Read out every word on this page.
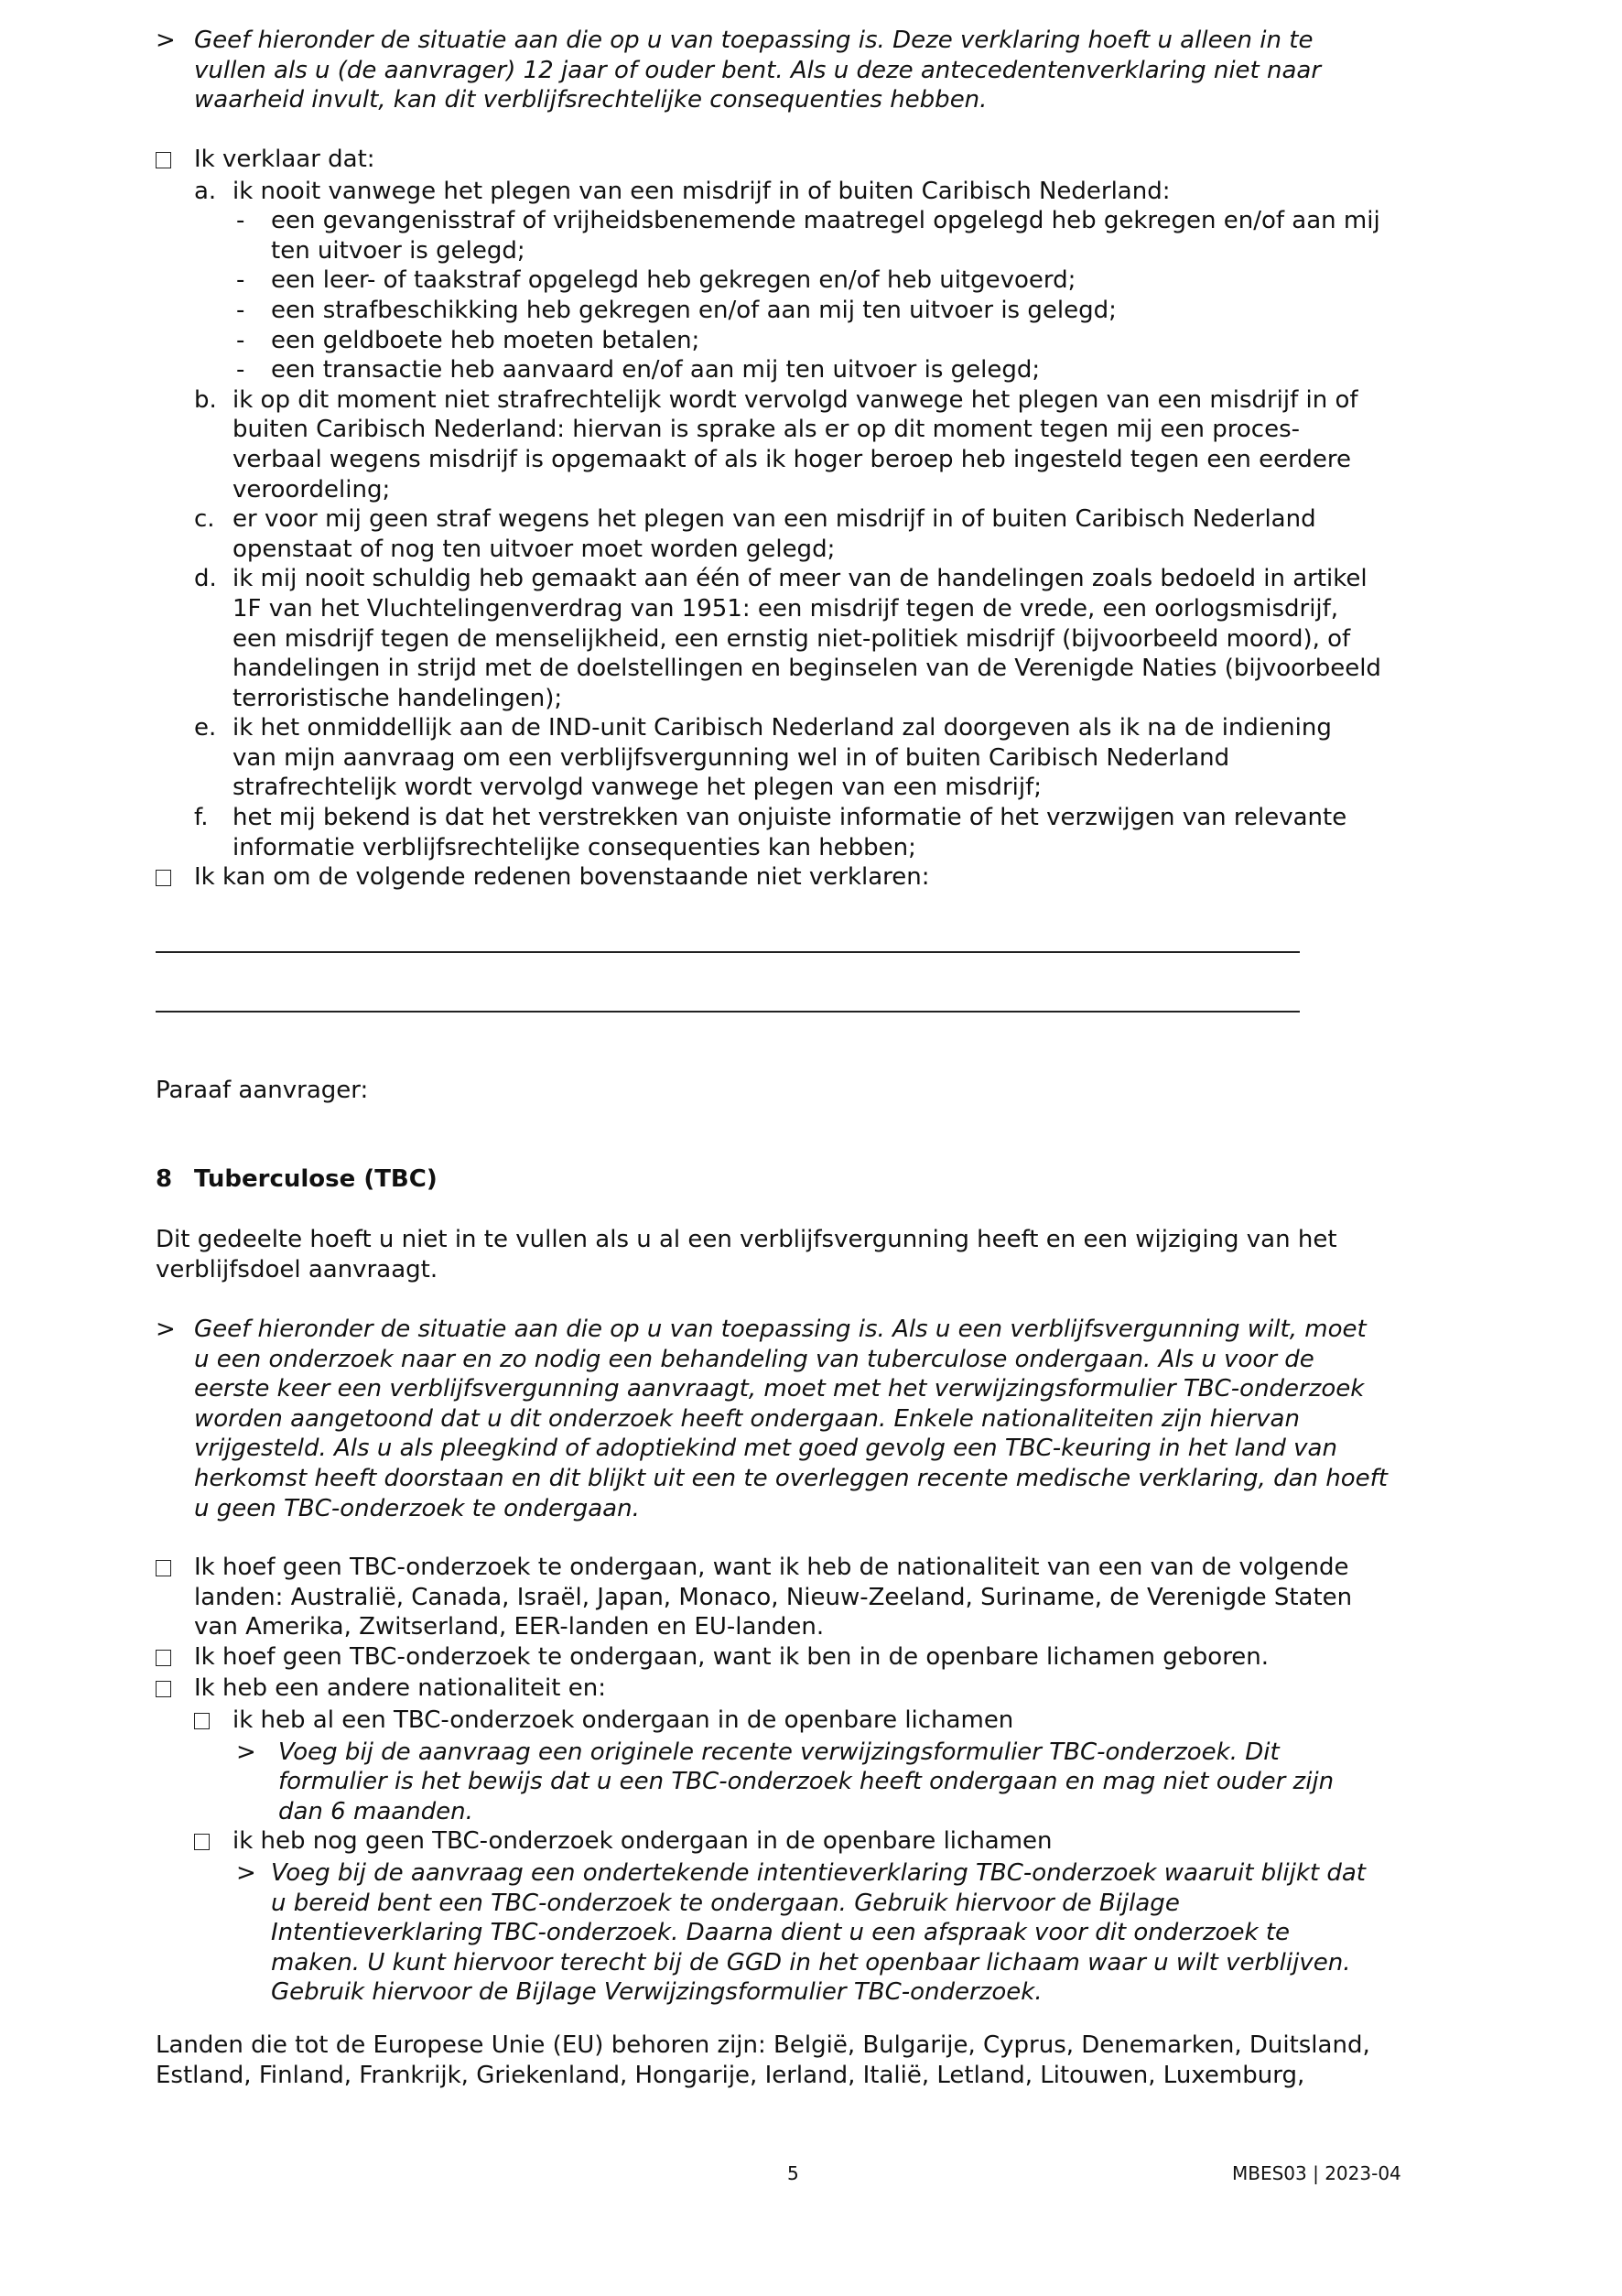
> Geef hieronder de situatie aan die op u van toepassing is. Deze verklaring hoeft u alleen in te
vullen als u (de aanvrager) 12 jaar of ouder bent. Als u deze antecedentenverklaring niet naar
waarheid invult, kan dit verblijfsrechtelijke consequenties hebben.
Ik verklaar dat:
a. ik nooit vanwege het plegen van een misdrijf in of buiten Caribisch Nederland:
-	een gevangenisstraf of vrijheidsbenemende maatregel opgelegd heb gekregen en/of aan mij
ten uitvoer is gelegd;
-	een leer- of taakstraf opgelegd heb gekregen en/of heb uitgevoerd;
-	een strafbeschikking heb gekregen en/of aan mij ten uitvoer is gelegd;
-	een geldboete heb moeten betalen;
-	een transactie heb aanvaard en/of aan mij ten uitvoer is gelegd;
b. ik op dit moment niet strafrechtelijk wordt vervolgd vanwege het plegen van een misdrijf in of
buiten Caribisch Nederland: hiervan is sprake als er op dit moment tegen mij een proces-
verbaal wegens misdrijf is opgemaakt of als ik hoger beroep heb ingesteld tegen een eerdere
veroordeling;
c. er voor mij geen straf wegens het plegen van een misdrijf in of buiten Caribisch Nederland
openstaat of nog ten uitvoer moet worden gelegd;
d. ik mij nooit schuldig heb gemaakt aan één of meer van de handelingen zoals bedoeld in artikel
1F van het Vluchtelingenverdrag van 1951: een misdrijf tegen de vrede, een oorlogsmisdrijf,
een misdrijf tegen de menselijkheid, een ernstig niet-politiek misdrijf (bijvoorbeeld moord), of
handelingen in strijd met de doelstellingen en beginselen van de Verenigde Naties (bijvoorbeeld
terroristische handelingen);
e. ik het onmiddellijk aan de IND-unit Caribisch Nederland zal doorgeven als ik na de indiening
van mijn aanvraag om een verblijfsvergunning wel in of buiten Caribisch Nederland
strafrechtelijk wordt vervolgd vanwege het plegen van een misdrijf;
f.	het mij bekend is dat het verstrekken van onjuiste informatie of het verzwijgen van relevante
informatie verblijfsrechtelijke consequenties kan hebben;
Ik kan om de volgende redenen bovenstaande niet verklaren:
Paraaf aanvrager:
8 Tuberculose (TBC)
Dit gedeelte hoeft u niet in te vullen als u al een verblijfsvergunning heeft en een wijziging van het
verblijfsdoel aanvraagt.
> Geef hieronder de situatie aan die op u van toepassing is. Als u een verblijfsvergunning wilt, moet
u een onderzoek naar en zo nodig een behandeling van tuberculose ondergaan. Als u voor de
eerste keer een verblijfsvergunning aanvraagt, moet met het verwijzingsformulier TBC-onderzoek
worden aangetoond dat u dit onderzoek heeft ondergaan. Enkele nationaliteiten zijn hiervan
vrijgesteld. Als u als pleegkind of adoptiekind met goed gevolg een TBC-keuring in het land van
herkomst heeft doorstaan en dit blijkt uit een te overleggen recente medische verklaring, dan hoeft
u geen TBC-onderzoek te ondergaan.
Ik hoef geen TBC-onderzoek te ondergaan, want ik heb de nationaliteit van een van de volgende
landen: Australië, Canada, Israël, Japan, Monaco, Nieuw-Zeeland, Suriname, de Verenigde Staten
van Amerika, Zwitserland, EER-landen en EU-landen.
Ik hoef geen TBC-onderzoek te ondergaan, want ik ben in de openbare lichamen geboren.
Ik heb een andere nationaliteit en:
ik heb al een TBC-onderzoek ondergaan in de openbare lichamen
> Voeg bij de aanvraag een originele recente verwijzingsformulier TBC-onderzoek. Dit
formulier is het bewijs dat u een TBC-onderzoek heeft ondergaan en mag niet ouder zijn
dan 6 maanden.
ik heb nog geen TBC-onderzoek ondergaan in de openbare lichamen
> Voeg bij de aanvraag een ondertekende intentieverklaring TBC-onderzoek waaruit blijkt dat
u bereid bent een TBC-onderzoek te ondergaan. Gebruik hiervoor de Bijlage
Intentieverklaring TBC-onderzoek. Daarna dient u een afspraak voor dit onderzoek te
maken. U kunt hiervoor terecht bij de GGD in het openbaar lichaam waar u wilt verblijven.
Gebruik hiervoor de Bijlage Verwijzingsformulier TBC-onderzoek.
Landen die tot de Europese Unie (EU) behoren zijn: België, Bulgarije, Cyprus, Denemarken, Duitsland,
Estland, Finland, Frankrijk, Griekenland, Hongarije, Ierland, Italië, Letland, Litouwen, Luxemburg,
5	MBES03 | 2023-04
